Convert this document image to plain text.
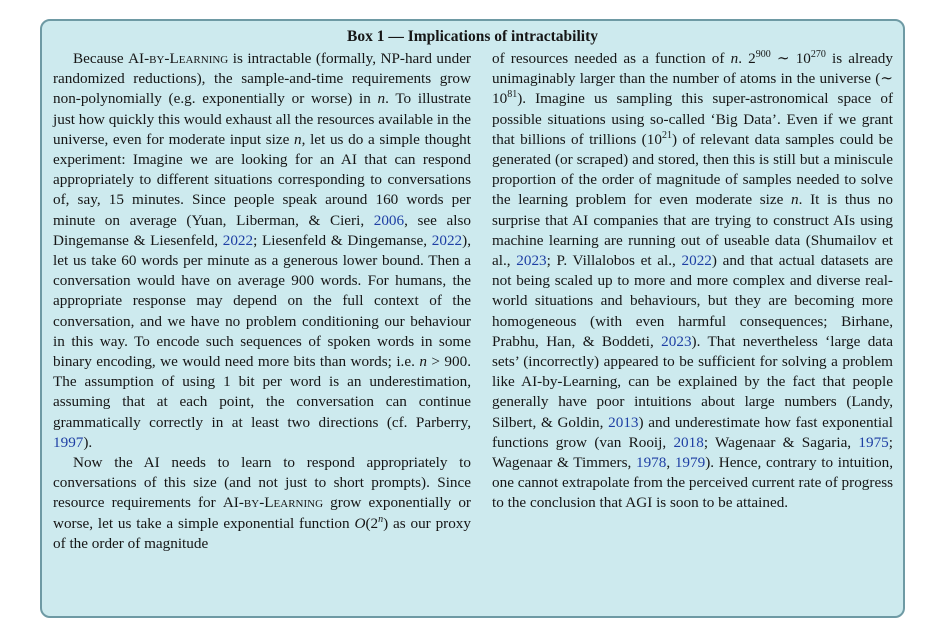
Box 1 — Implications of intractability

Because AI-by-Learning is intractable (formally, NP-hard under randomized reductions), the sample-and-time requirements grow non-polynomially (e.g. exponentially or worse) in n. To illustrate just how quickly this would exhaust all the resources available in the universe, even for moderate input size n, let us do a simple thought experiment: Imagine we are looking for an AI that can respond appropriately to different situations corresponding to conversations of, say, 15 minutes. Since people speak around 160 words per minute on average (Yuan, Liberman, & Cieri, 2006, see also Dingemanse & Liesenfeld, 2022; Liesenfeld & Dingemanse, 2022), let us take 60 words per minute as a generous lower bound. Then a conversation would have on average 900 words. For humans, the appropriate response may depend on the full context of the conversation, and we have no problem conditioning our behaviour in this way. To encode such sequences of spoken words in some binary encoding, we would need more bits than words; i.e. n > 900. The assumption of using 1 bit per word is an underestimation, assuming that at each point, the conversation can continue grammatically correctly in at least two directions (cf. Parberry, 1997).

Now the AI needs to learn to respond appropriately to conversations of this size (and not just to short prompts). Since resource requirements for AI-by-Learning grow exponentially or worse, let us take a simple exponential function O(2$^n$) as our proxy of the order of magnitude

of resources needed as a function of n. $2^{900}$ ∼ $10^{270}$ is already unimaginably larger than the number of atoms in the universe (∼ $10^{81}$). Imagine us sampling this super-astronomical space of possible situations using so-called ‘Big Data’. Even if we grant that billions of trillions $(10^{21})$ of relevant data samples could be generated (or scraped) and stored, then this is still but a miniscule proportion of the order of magnitude of samples needed to solve the learning problem for even moderate size n. It is thus no surprise that AI companies that are trying to construct AIs using machine learning are running out of useable data (Shumailov et al., 2023; P. Villalobos et al., 2022) and that actual datasets are not being scaled up to more and more complex and diverse real-world situations and behaviours, but they are becoming more homogeneous (with even harmful consequences; Birhane, Prabhu, Han, & Boddeti, 2023). That nevertheless ‘large data sets’ (incorrectly) appeared to be sufficient for solving a problem like AI-by-Learning, can be explained by the fact that people generally have poor intuitions about large numbers (Landy, Silbert, & Goldin, 2013) and underestimate how fast exponential functions grow (van Rooij, 2018; Wagenaar & Sagaria, 1975; Wagenaar & Timmers, 1978, 1979). Hence, contrary to intuition, one cannot extrapolate from the perceived current rate of progress to the conclusion that AGI is soon to be attained.
